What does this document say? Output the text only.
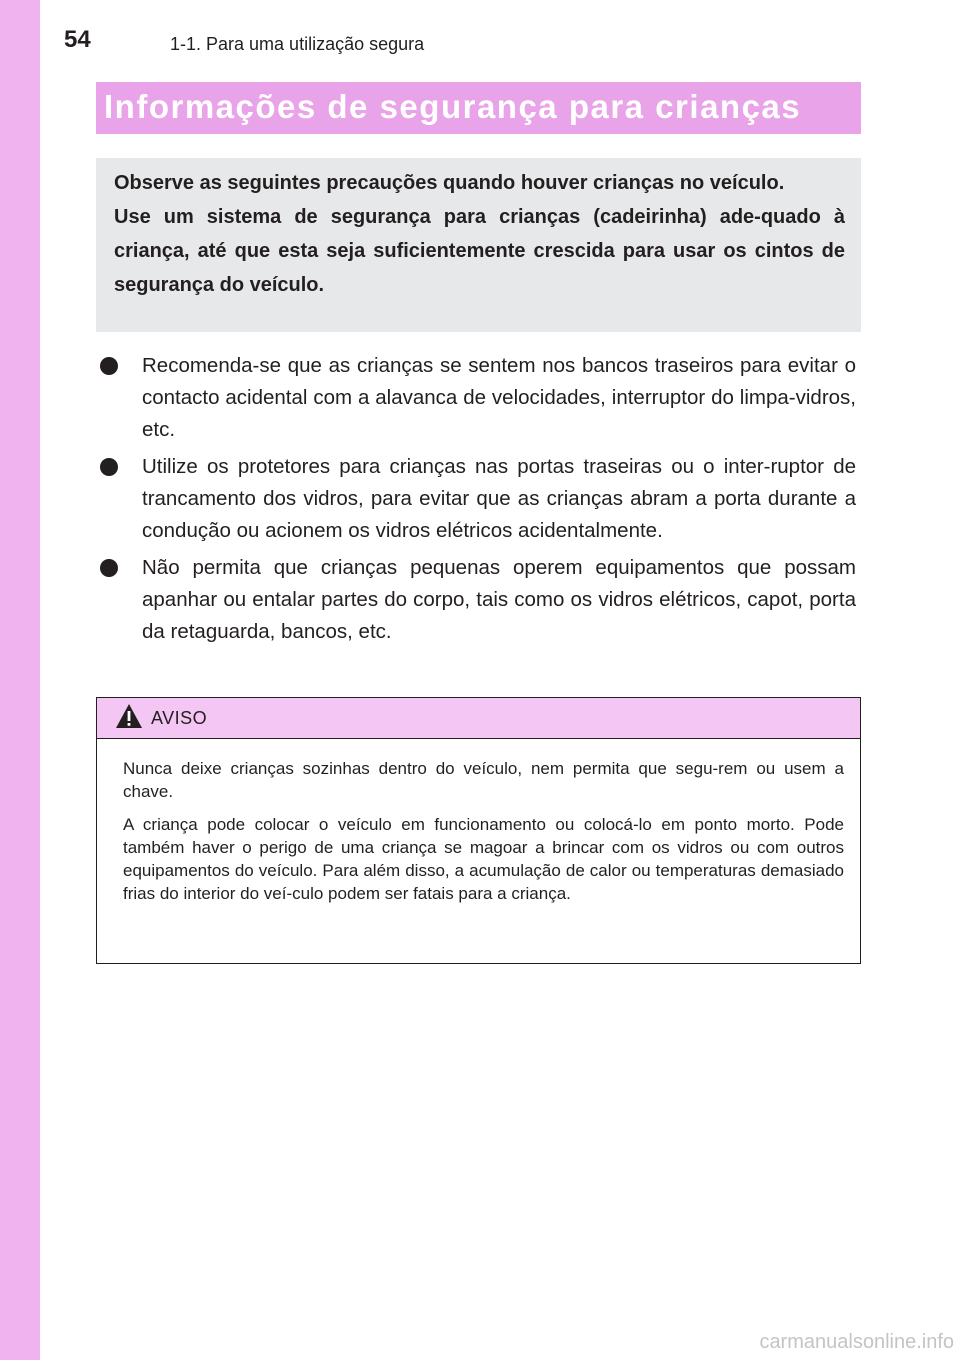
54	1-1. Para uma utilização segura
Informações de segurança para crianças

Observe as seguintes precauções quando houver crianças no veículo.

Use um sistema de segurança para crianças (cadeirinha) ade-quado à criança, até que esta seja suficientemente crescida para usar os cintos de segurança do veículo.

Recomenda-se que as crianças se sentem nos bancos traseiros para evitar o contacto acidental com a alavanca de velocidades, interruptor do limpa-vidros, etc.
Utilize os protetores para crianças nas portas traseiras ou o inter-ruptor de trancamento dos vidros, para evitar que as crianças abram a porta durante a condução ou acionem os vidros elétricos acidentalmente.
Não permita que crianças pequenas operem equipamentos que possam apanhar ou entalar partes do corpo, tais como os vidros elétricos, capot, porta da retaguarda, bancos, etc.
AVISO

Nunca deixe crianças sozinhas dentro do veículo, nem permita que segu-rem ou usem a chave.

A criança pode colocar o veículo em funcionamento ou colocá-lo em ponto morto. Pode também haver o perigo de uma criança se magoar a brincar com os vidros ou com outros equipamentos do veículo. Para além disso, a acumulação de calor ou temperaturas demasiado frias do interior do veí-culo podem ser fatais para a criança.

carmanualsonline.info
